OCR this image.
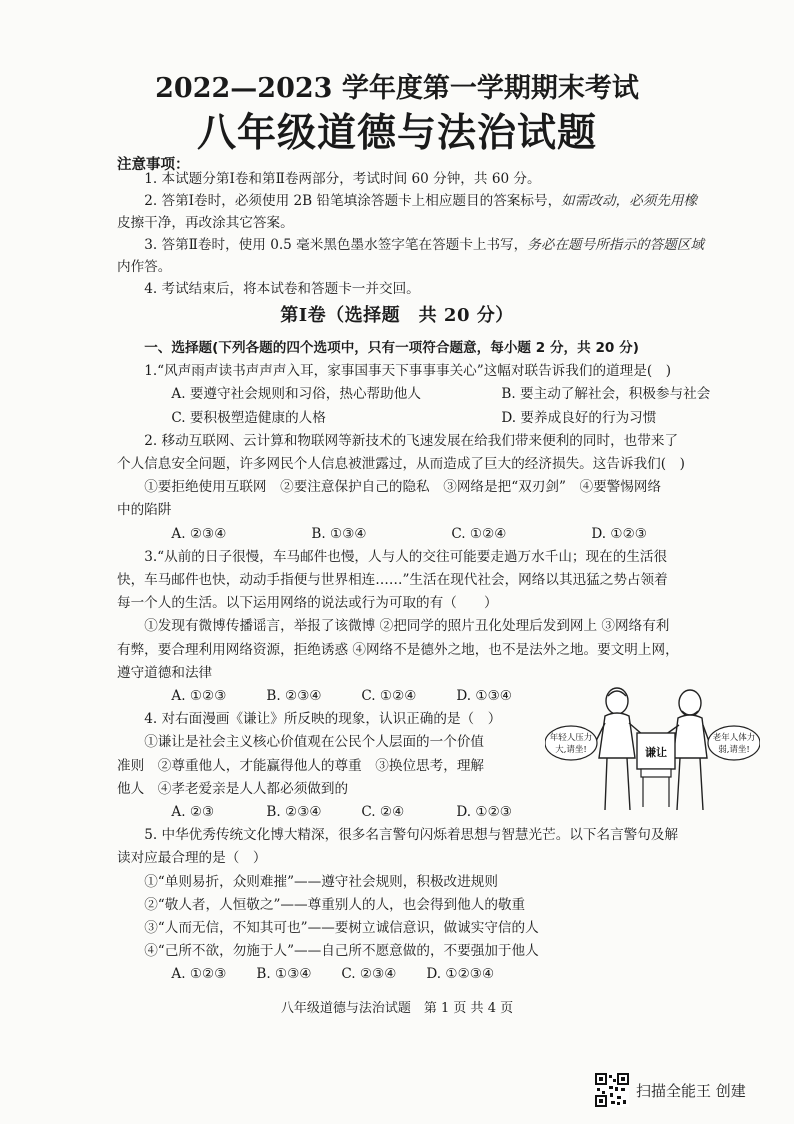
2022—2023 学年度第一学期期末考试
八年级道德与法治试题
注意事项：

1. 本试题分第Ⅰ卷和第Ⅱ卷两部分，考试时间 60 分钟，共 60 分。

2. 答第Ⅰ卷时，必须使用 2B 铅笔填涂答题卡上相应题目的答案标号，如需改动，必须先用橡

皮擦干净，再改涂其它答案。

3. 答第Ⅱ卷时，使用 0.5 毫米黑色墨水签字笔在答题卡上书写，务必在题号所指示的答题区域

内作答。

4. 考试结束后，将本试卷和答题卡一并交回。

第Ⅰ卷（选择题　共 20 分）

一、选择题(下列各题的四个选项中，只有一项符合题意，每小题 2 分，共 20 分)

1.“风声雨声读书声声声入耳，家事国事天下事事事关心”这幅对联告诉我们的道理是(　)

A. 要遵守社会规则和习俗，热心帮助他人	B. 要主动了解社会，积极参与社会

C. 要积极塑造健康的人格	D. 要养成良好的行为习惯

2. 移动互联网、云计算和物联网等新技术的飞速发展在给我们带来便利的同时，也带来了

个人信息安全问题，许多网民个人信息被泄露过，从而造成了巨大的经济损失。这告诉我们(　)

①要拒绝使用互联网　②要注意保护自己的隐私　③网络是把“双刃剑”　④要警惕网络

中的陷阱

A. ②③④	B. ①③④	C. ①②④	D. ①②③

3.“从前的日子很慢，车马邮件也慢，人与人的交往可能要走過万水千山；现在的生活很

快，车马邮件也快，动动手指便与世界相连……”生活在现代社会，网络以其迅猛之势占领着

每一个人的生活。以下运用网络的说法或行为可取的有（　　）

①发现有微博传播谣言，举报了该微博 ②把同学的照片丑化处理后发到网上 ③网络有利

有弊，要合理利用网络资源，拒绝诱惑 ④网络不是德外之地，也不是法外之地。要文明上网，

遵守道德和法律

A. ①②③	B. ②③④	C. ①②④	D. ①③④

4. 对右面漫画《谦让》所反映的现象，认识正确的是（　）

①谦让是社会主义核心价值观在公民个人层面的一个价值

准则　②尊重他人，才能赢得他人的尊重　③换位思考，理解

他人　④孝老爱亲是人人都必须做到的

A. ②③	B. ②③④	C. ②④	D. ①②③

5. 中华优秀传统文化博大精深，很多名言警句闪烁着思想与智慧光芒。以下名言警句及解

读对应最合理的是（　）

①“单则易折，众则难摧”——遵守社会规则，积极改进规则

②“敬人者，人恒敬之”——尊重别人的人，也会得到他人的敬重

③“人而无信，不知其可也”——要树立诚信意识，做诚实守信的人

④“己所不欲，勿施于人”——自己所不愿意做的，不要强加于他人

A. ①②③ B. ①③④ C. ②③④ D. ①②③④

谦让
年轻人压力
大,请坐!
老年人体力
弱,请坐!
八年级道德与法治试题　第 1 页 共 4 页
扫描全能王 创建
